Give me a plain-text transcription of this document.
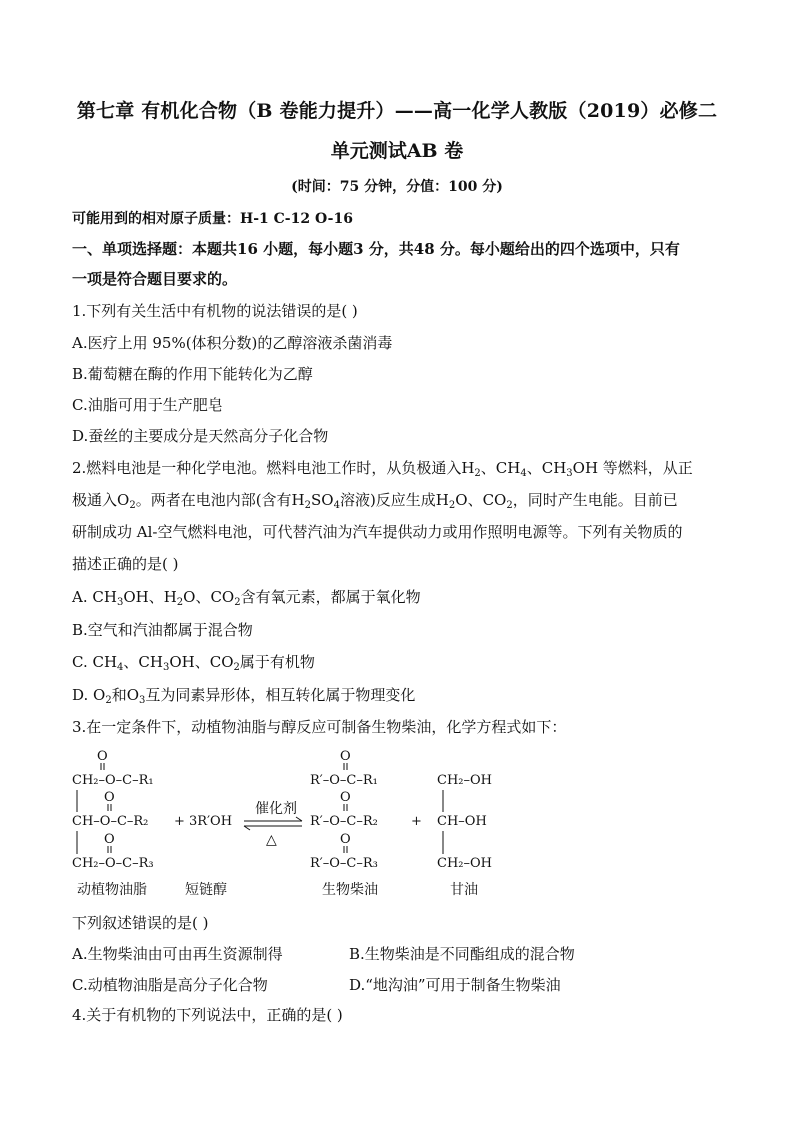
第七章 有机化合物（B 卷能力提升）——高一化学人教版（2019）必修二
单元测试AB 卷
(时间：75 分钟，分值：100 分)
可能用到的相对原子质量：H-1 C-12 O-16
一、单项选择题：本题共16 小题，每小题3 分，共48 分。每小题给出的四个选项中，只有
一项是符合题目要求的。
1.下列有关生活中有机物的说法错误的是( )
A.医疗上用 95%(体积分数)的乙醇溶液杀菌消毒
B.葡萄糖在酶的作用下能转化为乙醇
C.油脂可用于生产肥皂
D.蚕丝的主要成分是天然高分子化合物
2.燃料电池是一种化学电池。燃料电池工作时，从负极通入$H_2$、$CH_4$、$CH_3OH$ 等燃料，从正
极通入$O_2$。两者在电池内部(含有$H_2SO_4$溶液)反应生成$H_2O$、$CO_2$，同时产生电能。目前已
研制成功 Al-空气燃料电池，可代替汽油为汽车提供动力或用作照明电源等。下列有关物质的
描述正确的是( )
A. $CH_3OH$、$H_2O$、$CO_2$含有氧元素，都属于氧化物
B.空气和汽油都属于混合物
C. $CH_4$、$CH_3OH$、$CO_2$属于有机物
D. $O_2$和$O_3$互为同素异形体，相互转化属于物理变化
3.在一定条件下，动植物油脂与醇反应可制备生物柴油，化学方程式如下：
O
CH₂–O–C–R₁
O
CH–O–C–R₂
O
CH₂–O–C–R₃
+ 3R′OH
催化剂
△
O
R′–O–C–R₁
O
R′–O–C–R₂
O
R′–O–C–R₃
+
CH₂–OH
CH–OH
CH₂–OH
动植物油脂	短链醇	生物柴油	甘油
下列叙述错误的是( )
A.生物柴油由可由再生资源制得	B.生物柴油是不同酯组成的混合物
C.动植物油脂是高分子化合物	D.“地沟油”可用于制备生物柴油
4.关于有机物的下列说法中，正确的是( )
